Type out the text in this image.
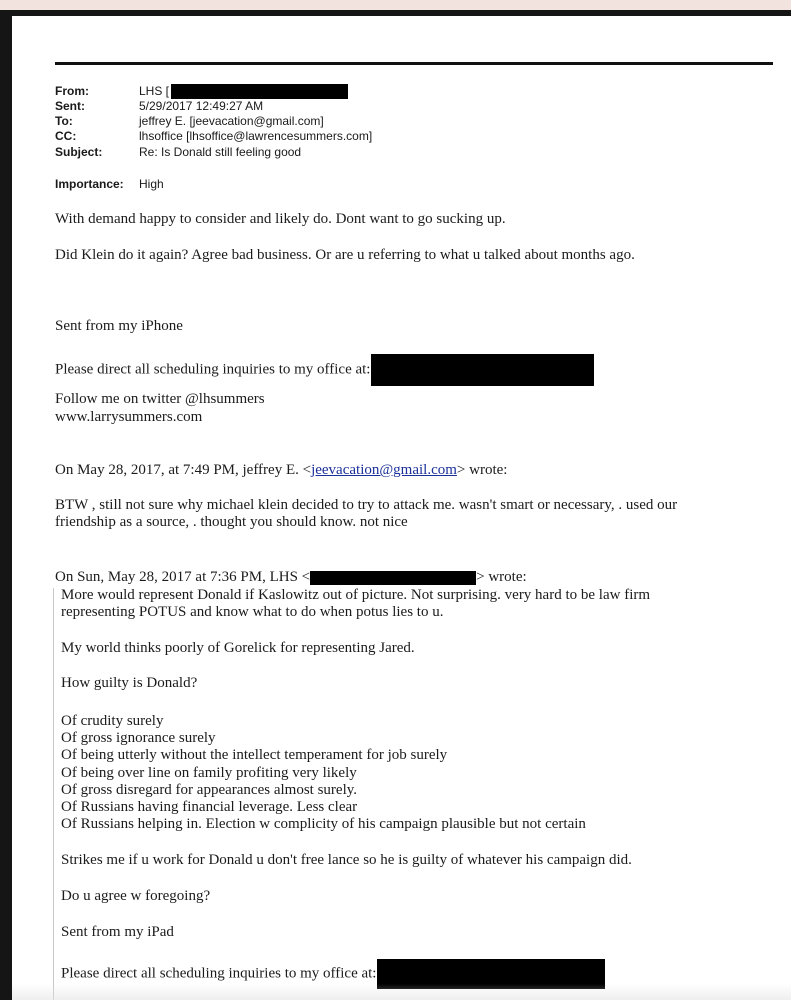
From:	LHS [
Sent:	5/29/2017 12:49:27 AM
To:	jeffrey E. [jeevacation@gmail.com]
CC:	lhsoffice [lhsoffice@lawrencesummers.com]
Subject:	Re: Is Donald still feeling good
Importance:	High
With demand happy to consider and likely do. Dont want to go sucking up.
Did Klein do it again? Agree bad business. Or are u referring to what u talked about months ago.
Sent from my iPhone
Please direct all scheduling inquiries to my office at:
Follow me on twitter @lhsummers
www.larrysummers.com
On May 28, 2017, at 7:49 PM, jeffrey E. <jeevacation@gmail.com> wrote:
BTW , still not sure why michael klein decided to try to attack me. wasn't smart or necessary, . used our
friendship as a source, . thought you should know. not nice
On Sun, May 28, 2017 at 7:36 PM, LHS <	> wrote:
More would represent Donald if Kaslowitz out of picture. Not surprising. very hard to be law firm
representing POTUS and know what to do when potus lies to u.
My world thinks poorly of Gorelick for representing Jared.
How guilty is Donald?
Of crudity surely
Of gross ignorance surely
Of being utterly without the intellect temperament for job surely
Of being over line on family profiting very likely
Of gross disregard for appearances almost surely.
Of Russians having financial leverage. Less clear
Of Russians helping in. Election w complicity of his campaign plausible but not certain
Strikes me if u work for Donald u don't free lance so he is guilty of whatever his campaign did.
Do u agree w foregoing?
Sent from my iPad
Please direct all scheduling inquiries to my office at:
